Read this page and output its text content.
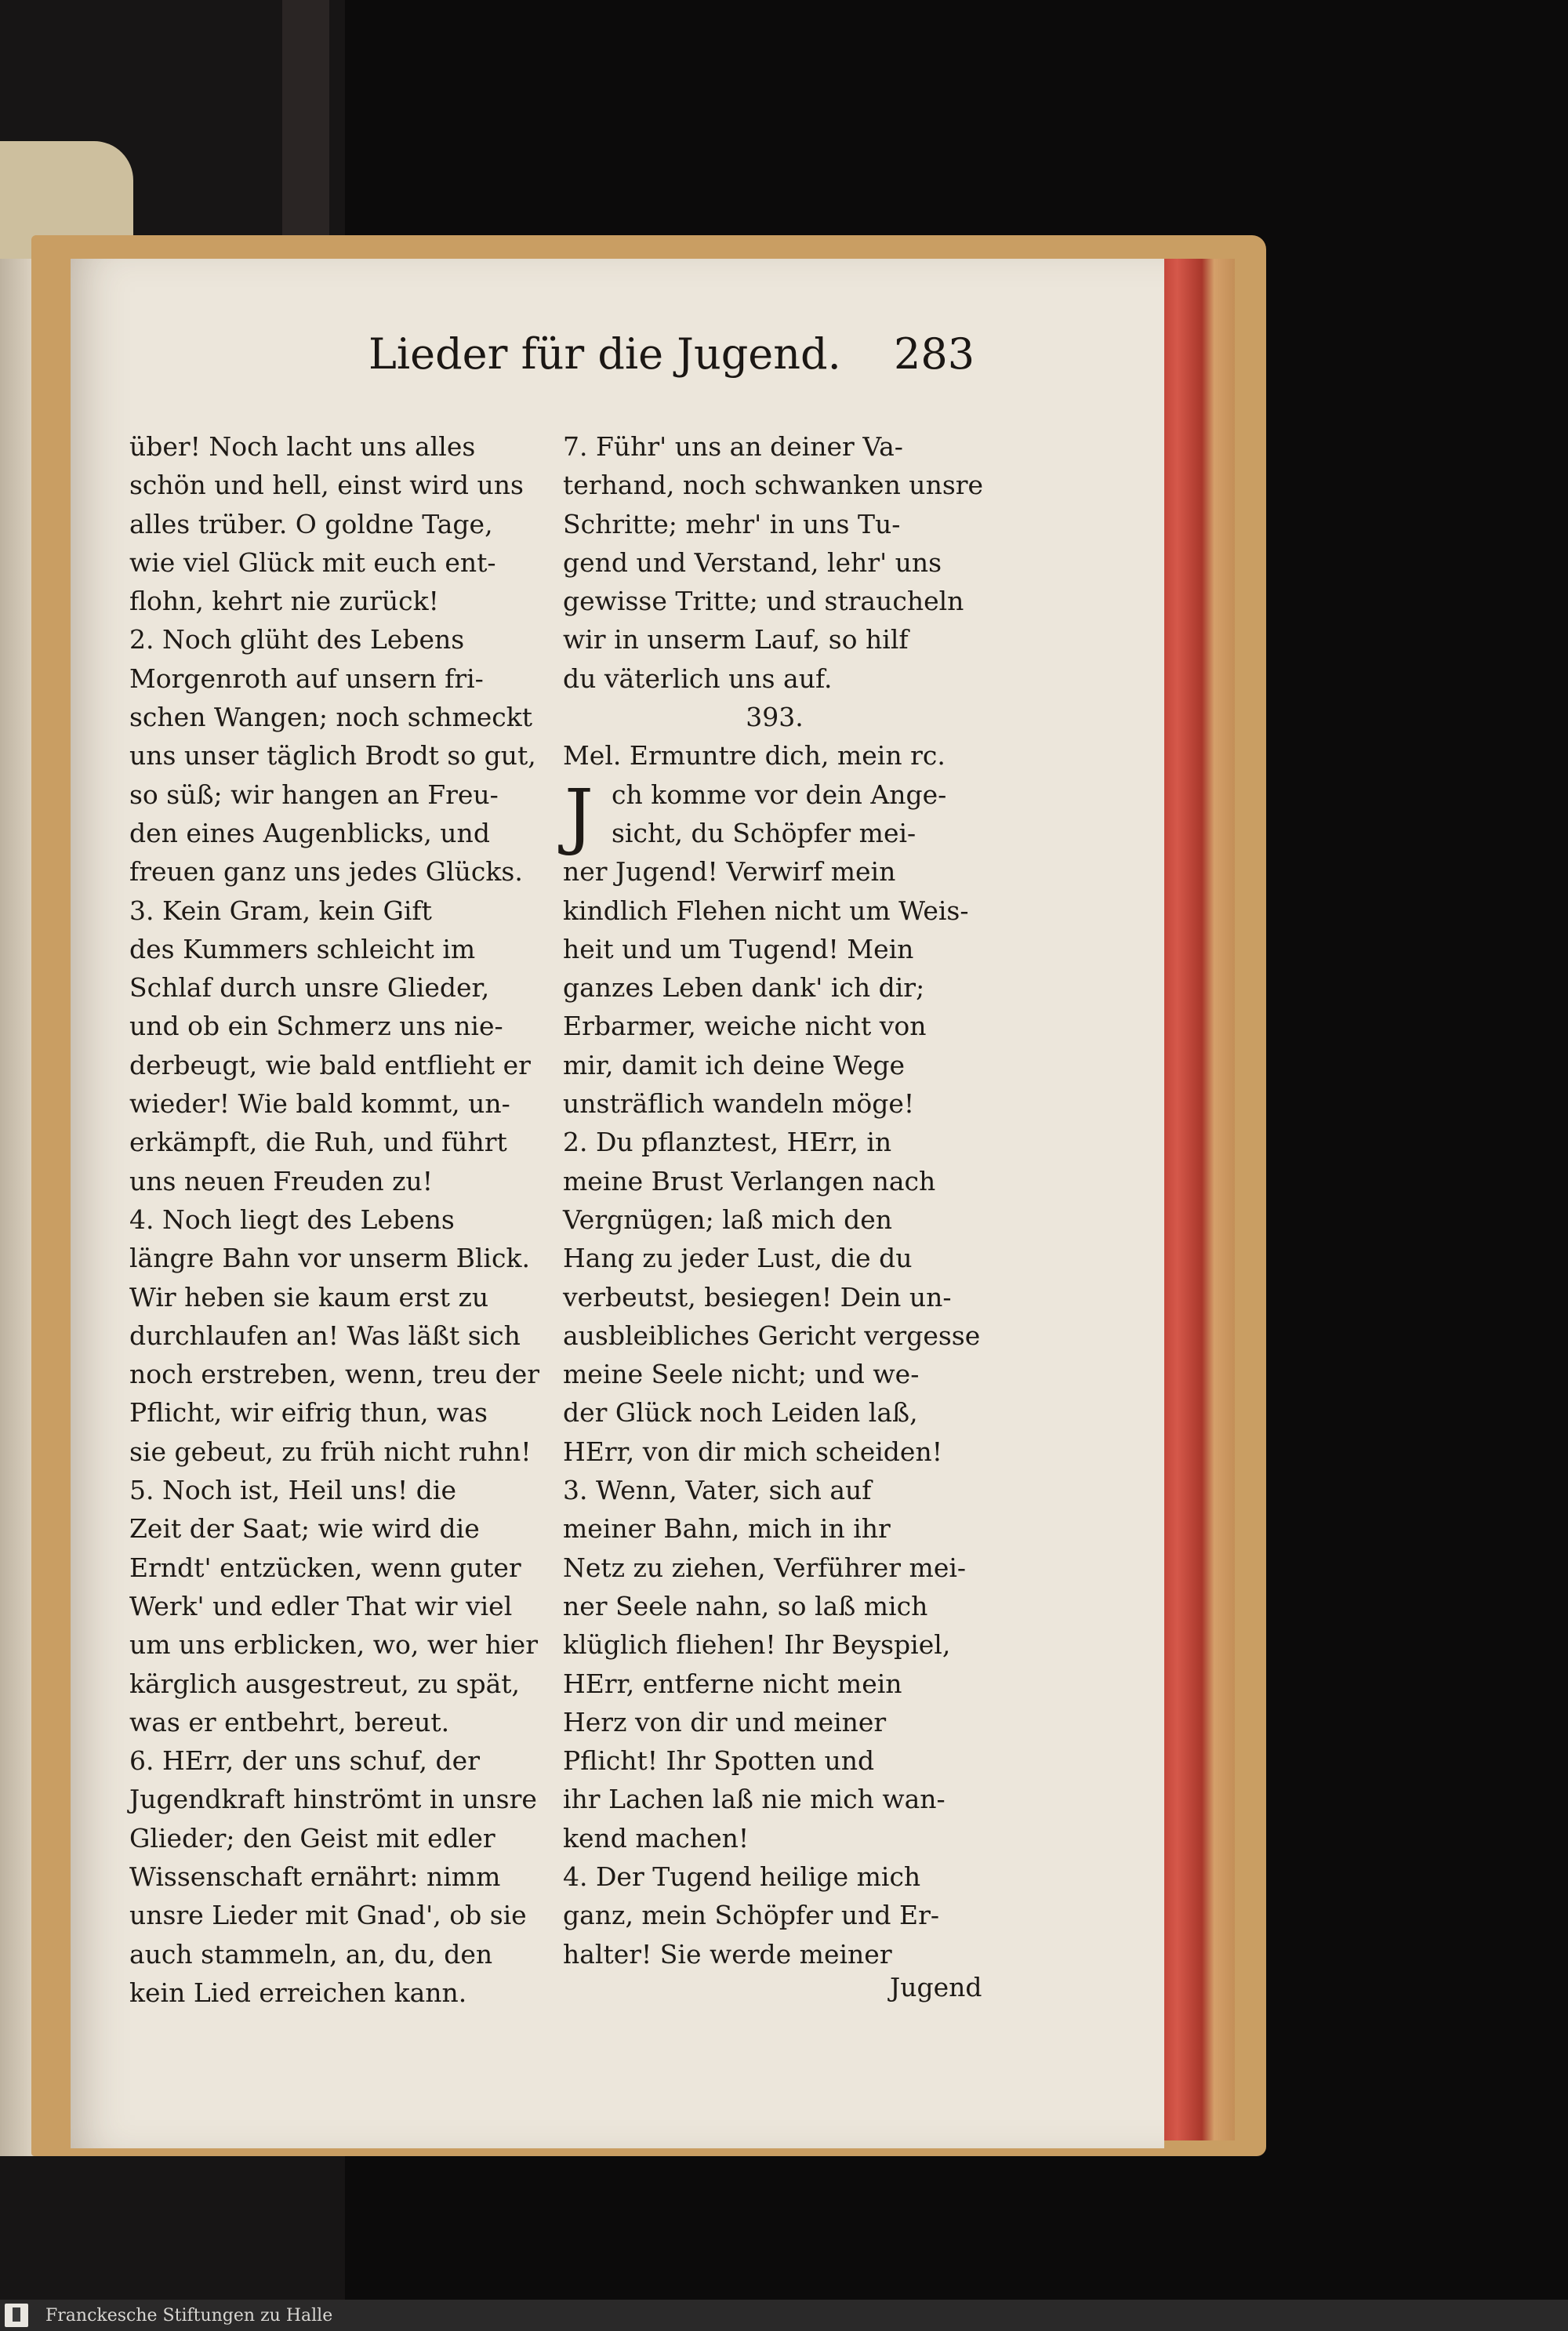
Lieder für die Jugend. 283
über! Noch lacht uns alles
schön und hell, einst wird uns
alles trüber. O goldne Tage,
wie viel Glück mit euch ent-
flohn, kehrt nie zurück!
2. Noch glüht des Lebens
Morgenroth auf unsern fri-
schen Wangen; noch schmeckt
uns unser täglich Brodt so gut,
so süß; wir hangen an Freu-
den eines Augenblicks, und
freuen ganz uns jedes Glücks.
3. Kein Gram, kein Gift
des Kummers schleicht im
Schlaf durch unsre Glieder,
und ob ein Schmerz uns nie-
derbeugt, wie bald entflieht er
wieder! Wie bald kommt, un-
erkämpft, die Ruh, und führt
uns neuen Freuden zu!
4. Noch liegt des Lebens
längre Bahn vor unserm Blick.
Wir heben sie kaum erst zu
durchlaufen an! Was läßt sich
noch erstreben, wenn, treu der
Pflicht, wir eifrig thun, was
sie gebeut, zu früh nicht ruhn!
5. Noch ist, Heil uns! die
Zeit der Saat; wie wird die
Erndt' entzücken, wenn guter
Werk' und edler That wir viel
um uns erblicken, wo, wer hier
kärglich ausgestreut, zu spät,
was er entbehrt, bereut.
6. HErr, der uns schuf, der
Jugendkraft hinströmt in unsre
Glieder; den Geist mit edler
Wissenschaft ernährt: nimm
unsre Lieder mit Gnad', ob sie
auch stammeln, an, du, den
kein Lied erreichen kann.
7. Führ' uns an deiner Va-
terhand, noch schwanken unsre
Schritte; mehr' in uns Tu-
gend und Verstand, lehr' uns
gewisse Tritte; und straucheln
wir in unserm Lauf, so hilf
du väterlich uns auf.
393.
Mel. Ermuntre dich, mein rc.
J ch komme vor dein Ange-
sicht, du Schöpfer mei-
ner Jugend! Verwirf mein
kindlich Flehen nicht um Weis-
heit und um Tugend! Mein
ganzes Leben dank' ich dir;
Erbarmer, weiche nicht von
mir, damit ich deine Wege
unsträflich wandeln möge!
2. Du pflanztest, HErr, in
meine Brust Verlangen nach
Vergnügen; laß mich den
Hang zu jeder Lust, die du
verbeutst, besiegen! Dein un-
ausbleibliches Gericht vergesse
meine Seele nicht; und we-
der Glück noch Leiden laß,
HErr, von dir mich scheiden!
3. Wenn, Vater, sich auf
meiner Bahn, mich in ihr
Netz zu ziehen, Verführer mei-
ner Seele nahn, so laß mich
klüglich fliehen! Ihr Beyspiel,
HErr, entferne nicht mein
Herz von dir und meiner
Pflicht! Ihr Spotten und
ihr Lachen laß nie mich wan-
kend machen!
4. Der Tugend heilige mich
ganz, mein Schöpfer und Er-
halter! Sie werde meiner
Jugend
Franckesche Stiftungen zu Halle
